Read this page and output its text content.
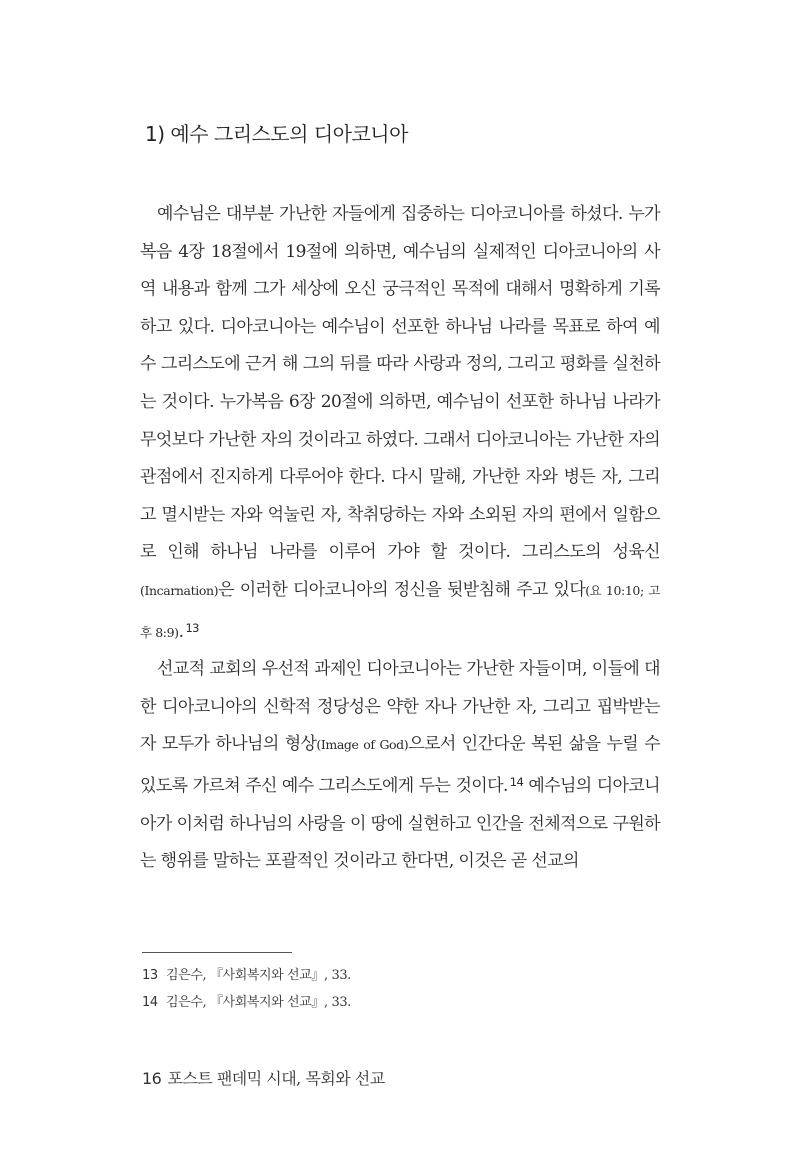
1) 예수 그리스도의 디아코니아

예수님은 대부분 가난한 자들에게 집중하는 디아코니아를 하셨다. 누가복음 4장 18절에서 19절에 의하면, 예수님의 실제적인 디아코니아의 사역 내용과 함께 그가 세상에 오신 궁극적인 목적에 대해서 명확하게 기록하고 있다. 디아코니아는 예수님이 선포한 하나님 나라를 목표로 하여 예수 그리스도에 근거 해 그의 뒤를 따라 사랑과 정의, 그리고 평화를 실천하는 것이다. 누가복음 6장 20절에 의하면, 예수님이 선포한 하나님 나라가 무엇보다 가난한 자의 것이라고 하였다. 그래서 디아코니아는 가난한 자의 관점에서 진지하게 다루어야 한다. 다시 말해, 가난한 자와 병든 자, 그리고 멸시받는 자와 억눌린 자, 착취당하는 자와 소외된 자의 편에서 일함으로 인해 하나님 나라를 이루어 가야 할 것이다. 그리스도의 성육신(Incarnation)은 이러한 디아코니아의 정신을 뒷받침해 주고 있다(요 10:10; 고후 8:9). $^{13}$

선교적 교회의 우선적 과제인 디아코니아는 가난한 자들이며, 이들에 대한 디아코니아의 신학적 정당성은 약한 자나 가난한 자, 그리고 핍박받는 자 모두가 하나님의 형상(Image of God)으로서 인간다운 복된 삶을 누릴 수 있도록 가르쳐 주신 예수 그리스도에게 두는 것이다. $^{14}$ 예수님의 디아코니아가 이처럼 하나님의 사랑을 이 땅에 실현하고 인간을 전체적으로 구원하는 행위를 말하는 포괄적인 것이라고 한다면, 이것은 곧 선교의

13 김은수, 『사회복지와 선교』, 33.

14 김은수, 『사회복지와 선교』, 33.

16 포스트 팬데믹 시대, 목회와 선교
